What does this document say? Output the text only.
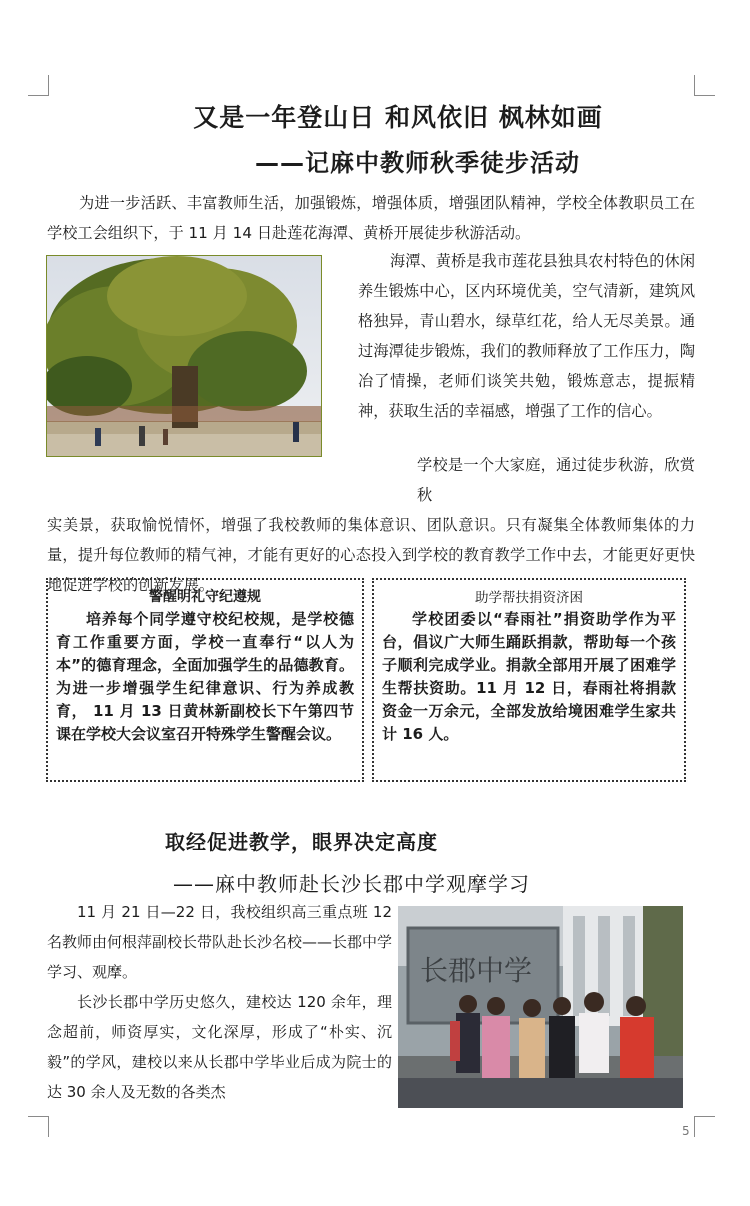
又是一年登山日 和风依旧 枫林如画
——记麻中教师秋季徒步活动
为进一步活跃、丰富教师生活，加强锻炼，增强体质，增强团队精神，学校全体教职员工在学校工会组织下，于 11 月 14 日赴莲花海潭、黄桥开展徒步秋游活动。
海潭、黄桥是我市莲花县独具农村特色的休闲养生锻炼中心，区内环境优美，空气清新，建筑风格独异，青山碧水，绿草红花，给人无尽美景。通过海潭徒步锻炼，我们的教师释放了工作压力，陶冶了情操，老师们谈笑共勉，锻炼意志，提振精神，获取生活的幸福感，增强了工作的信心。
学校是一个大家庭，通过徒步秋游，欣赏秋
实美景，获取愉悦情怀，增强了我校教师的集体意识、团队意识。只有凝集全体教师集体的力量，提升每位教师的精气神，才能有更好的心态投入到学校的教育教学工作中去，才能更好更快地促进学校的创新发展。
警醒明礼守纪遵规
培养每个同学遵守校纪校规，是学校德育工作重要方面，学校一直奉行“以人为本”的德育理念，全面加强学生的品德教育。为进一步增强学生纪律意识、行为养成教育， 11 月 13 日黄林新副校长下午第四节课在学校大会议室召开特殊学生警醒会议。
助学帮扶捐资济困
学校团委以“春雨社”捐资助学作为平台，倡议广大师生踊跃捐款，帮助每一个孩子顺利完成学业。捐款全部用开展了困难学生帮扶资助。11 月 12 日，春雨社将捐款资金一万余元，全部发放给境困难学生家共计 16 人。
取经促进教学，眼界决定高度
——麻中教师赴长沙长郡中学观摩学习
11 月 21 日—22 日，我校组织高三重点班 12 名教师由何根萍副校长带队赴长沙名校——长郡中学学习、观摩。
长沙长郡中学历史悠久，建校达 120 余年，理念超前，师资厚实，文化深厚，形成了“朴实、沉毅”的学风，建校以来从长郡中学毕业后成为院士的达 30 余人及无数的各类杰
长郡中学
5
